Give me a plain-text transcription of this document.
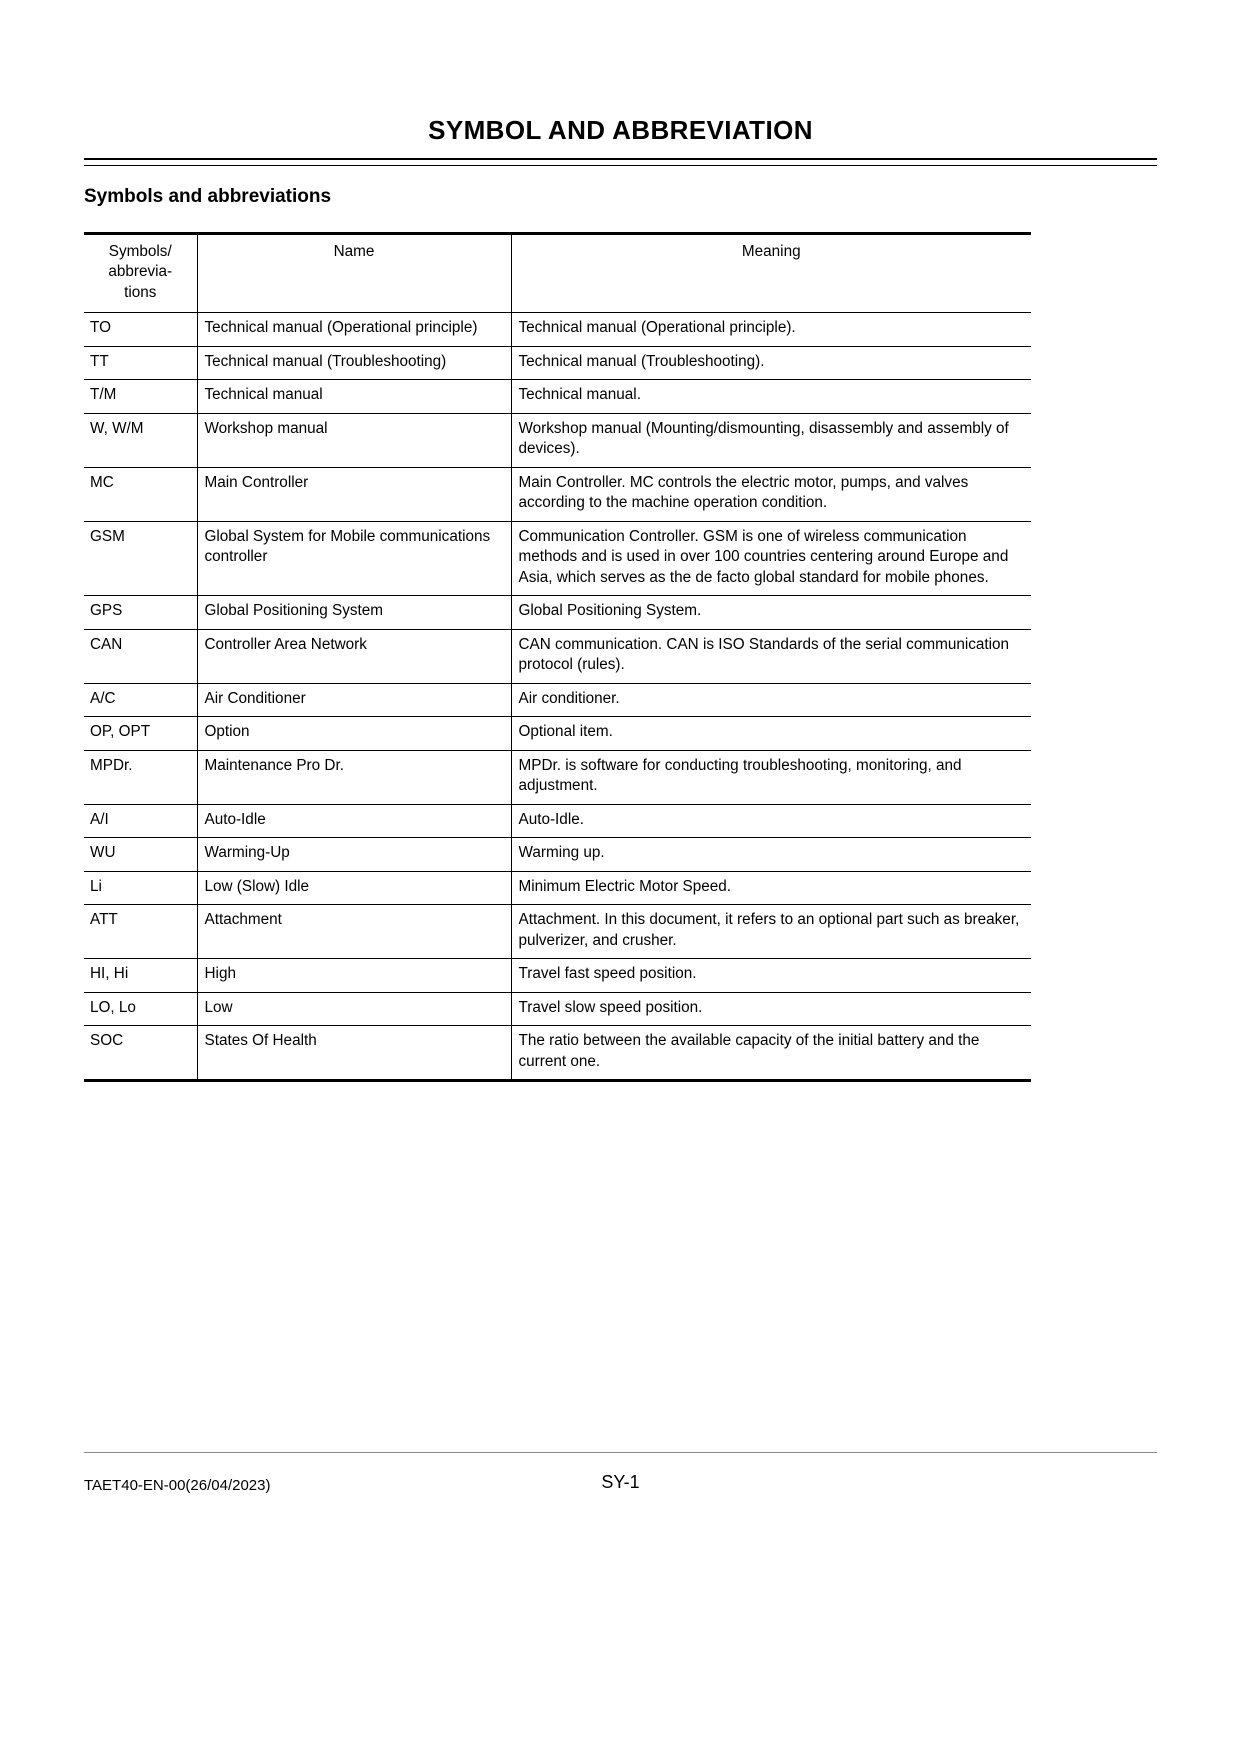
SYMBOL AND ABBREVIATION
Symbols and abbreviations
Symbols/
abbrevia-
tions	Name	Meaning
TO	Technical manual (Operational principle)	Technical manual (Operational principle).
TT	Technical manual (Troubleshooting)	Technical manual (Troubleshooting).
T/M	Technical manual	Technical manual.
W, W/M	Workshop manual	Workshop manual (Mounting/dismounting, disassembly and assembly of devices).
MC	Main Controller	Main Controller. MC controls the electric motor, pumps, and valves according to the machine operation condition.
GSM	Global System for Mobile communications controller	Communication Controller. GSM is one of wireless communication methods and is used in over 100 countries centering around Europe and Asia, which serves as the de facto global standard for mobile phones.
GPS	Global Positioning System	Global Positioning System.
CAN	Controller Area Network	CAN communication. CAN is ISO Standards of the serial communication protocol (rules).
A/C	Air Conditioner	Air conditioner.
OP, OPT	Option	Optional item.
MPDr.	Maintenance Pro Dr.	MPDr. is software for conducting troubleshooting, monitoring, and adjustment.
A/I	Auto-Idle	Auto-Idle.
WU	Warming-Up	Warming up.
Li	Low (Slow) Idle	Minimum Electric Motor Speed.
ATT	Attachment	Attachment. In this document, it refers to an optional part such as breaker, pulverizer, and crusher.
HI, Hi	High	Travel fast speed position.
LO, Lo	Low	Travel slow speed position.
SOC	States Of Health	The ratio between the available capacity of the initial battery and the current one.
TAET40-EN-00(26/04/2023)	SY-1
